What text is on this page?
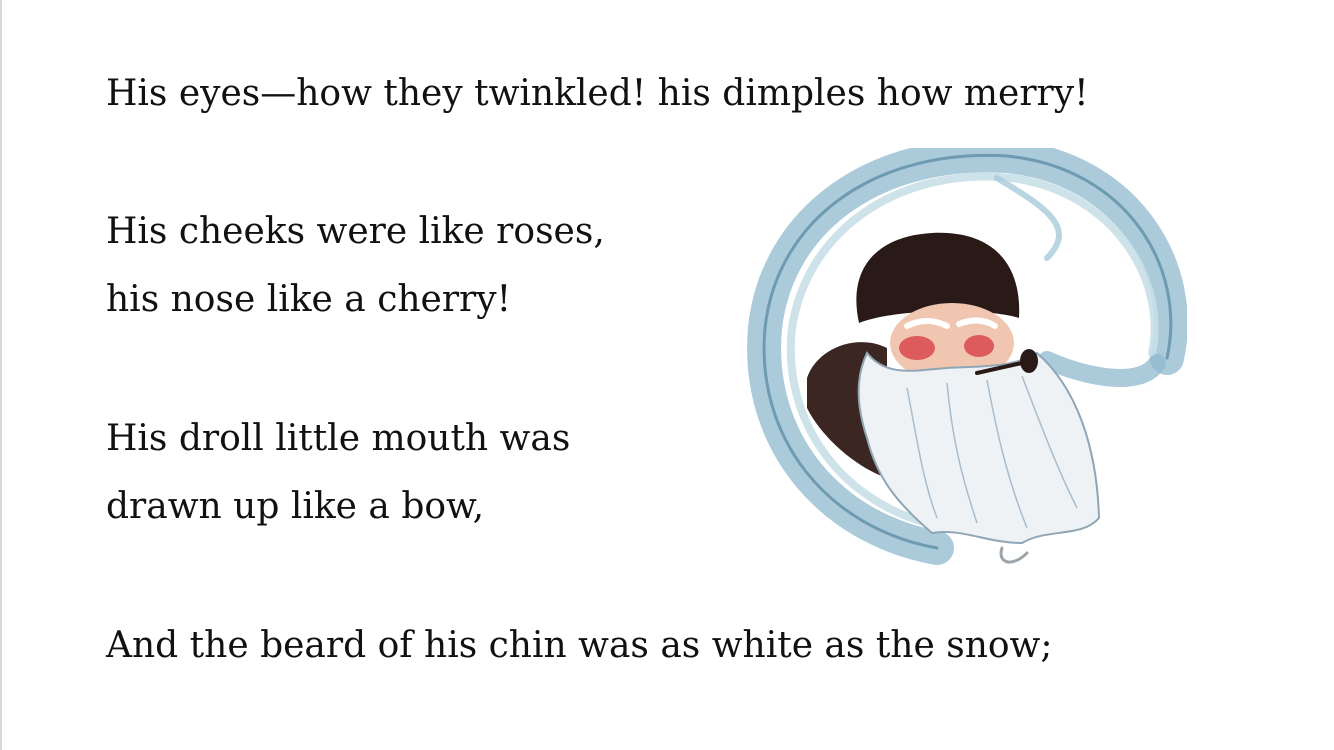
His eyes—how they twinkled! his dimples how merry!

His cheeks were like roses,
his nose like a cherry!

His droll little mouth was
drawn up like a bow,

And the beard of his chin was as white as the snow;
